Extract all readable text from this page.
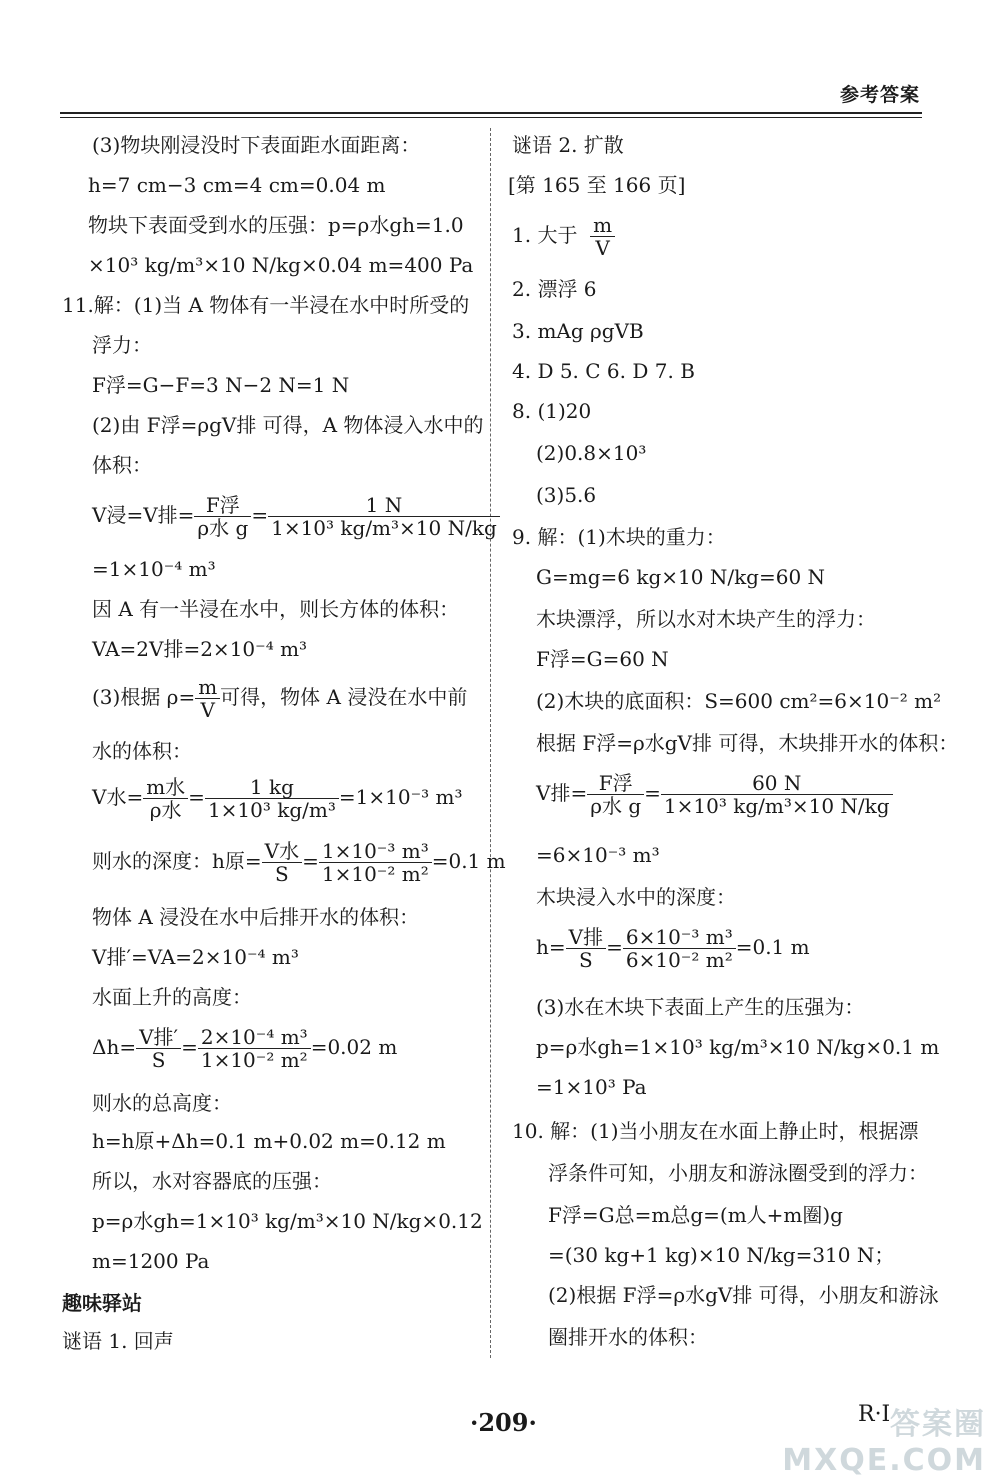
参考答案
(3)物块刚浸没时下表面距水面距离：
h=7 cm−3 cm=4 cm=0.04 m
物块下表面受到水的压强：p=ρ水gh=1.0
×10³ kg/m³×10 N/kg×0.04 m=400 Pa
11.解：(1)当 A 物体有一半浸在水中时所受的
浮力：
F浮=G−F=3 N−2 N=1 N
(2)由 F浮=ρgV排 可得，A 物体浸入水中的
体积：
V浸=V排= $\frac{\text{F浮}}{\text{ρ水 g}} = \frac{1 N}{\text{1×10³ kg/m³×10 N/kg}}$
=1×10⁻⁴ m³
因 A 有一半浸在水中，则长方体的体积：
VA=2V排=2×10⁻⁴ m³
(3)根据 $\rho= \frac{m}{V}$ 可得，物体 A 浸没在水中前
水的体积：
V水= $\frac{\text{m水}}{\text{ρ水}} = \frac{1 kg}{\text{1×10³ kg/m³}} =1\times 10^{-3}$ m³
则水的深度：h原= $\frac{\text{V水}}{S} = \frac{\text{1×10⁻³ m³}}{\text{1×10⁻² m²}} =0.1$ m
物体 A 浸没在水中后排开水的体积：
V排′=VA=2×10⁻⁴ m³
水面上升的高度：
$\Delta h= \frac{\text{V排′}}{S} = \frac{\text{2×10⁻⁴ m³}}{\text{1×10⁻² m²}} =0.02$ m
则水的总高度：
h=h原+Δh=0.1 m+0.02 m=0.12 m
所以，水对容器底的压强：
p=ρ水gh=1×10³ kg/m³×10 N/kg×0.12
m=1200 Pa
趣味驿站
谜语 1. 回声
谜语 2. 扩散
[第 165 至 166 页]
1. 大于 $\frac{m}{V}$
2. 漂浮 6
3. mAg ρgVB
4. D 5. C 6. D 7. B
8. (1)20
(2)0.8×10³
(3)5.6
9. 解：(1)木块的重力：
G=mg=6 kg×10 N/kg=60 N
木块漂浮，所以水对木块产生的浮力：
F浮=G=60 N
(2)木块的底面积：S=600 cm²=6×10⁻² m²
根据 F浮=ρ水gV排 可得，木块排开水的体积：
V排= $\frac{\text{F浮}}{\text{ρ水 g}} = \frac{60 N}{\text{1×10³ kg/m³×10 N/kg}}$
=6×10⁻³ m³
木块浸入水中的深度：
$h= \frac{\text{V排}}{S} = \frac{\text{6×10⁻³ m³}}{\text{6×10⁻² m²}} =0.1$ m
(3)水在木块下表面上产生的压强为：
p=ρ水gh=1×10³ kg/m³×10 N/kg×0.1 m
=1×10³ Pa
10. 解：(1)当小朋友在水面上静止时，根据漂
浮条件可知，小朋友和游泳圈受到的浮力：
F浮=G总=m总g=(m人+m圈)g
=(30 kg+1 kg)×10 N/kg=310 N；
(2)根据 F浮=ρ水gV排 可得，小朋友和游泳
圈排开水的体积：
·209·	R·I 答案圈 MXQE.COM
